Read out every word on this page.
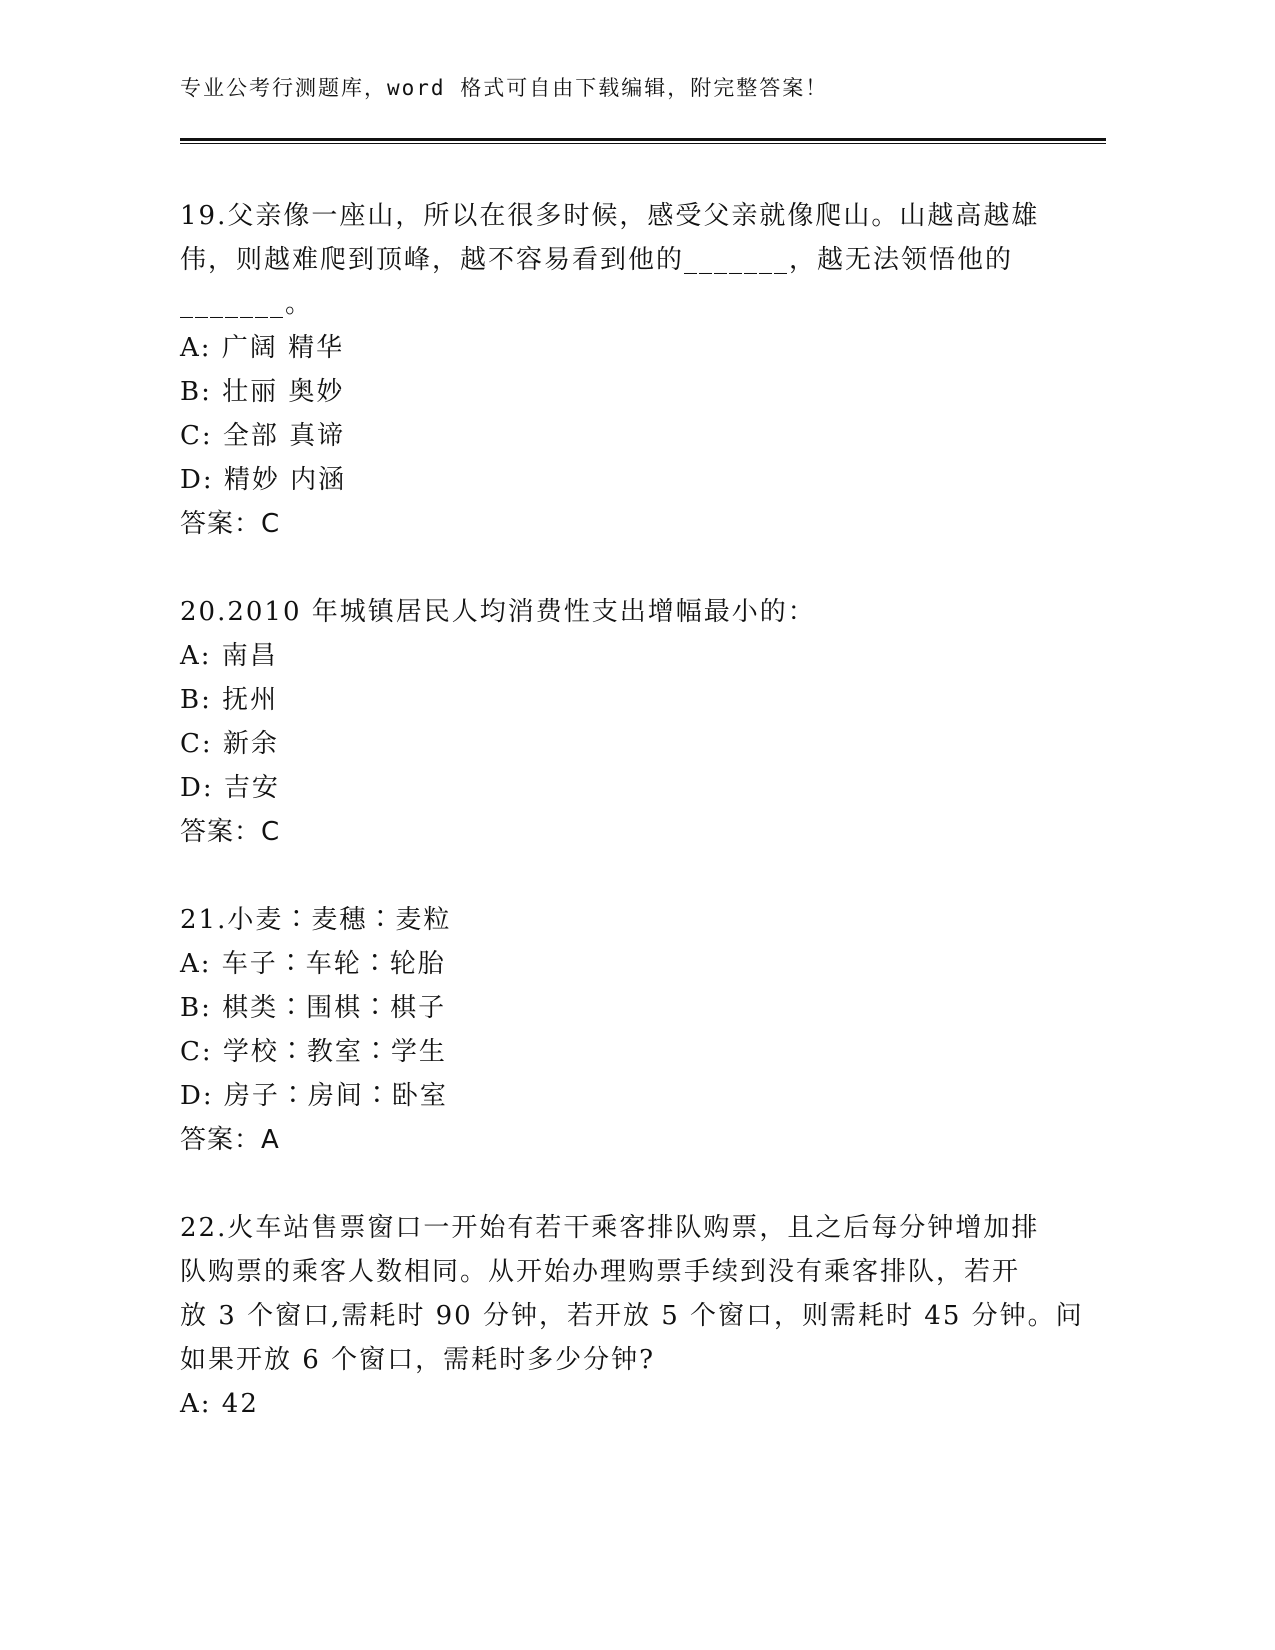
专业公考行测题库，word 格式可自由下载编辑，附完整答案！
19.父亲像一座山，所以在很多时候，感受父亲就像爬山。山越高越雄
伟，则越难爬到顶峰，越不容易看到他的_______，越无法领悟他的
_______。
A: 广阔 精华
B: 壮丽 奥妙
C: 全部 真谛
D: 精妙 内涵
答案：C
20.2010 年城镇居民人均消费性支出增幅最小的：
A: 南昌
B: 抚州
C: 新余
D: 吉安
答案：C
21.小麦∶麦穗∶麦粒
A: 车子∶车轮∶轮胎
B: 棋类∶围棋∶棋子
C: 学校∶教室∶学生
D: 房子∶房间∶卧室
答案：A
22.火车站售票窗口一开始有若干乘客排队购票，且之后每分钟增加排
队购票的乘客人数相同。从开始办理购票手续到没有乘客排队，若开
放 3 个窗口,需耗时 90 分钟，若开放 5 个窗口，则需耗时 45 分钟。问
如果开放 6 个窗口，需耗时多少分钟?
A: 42
